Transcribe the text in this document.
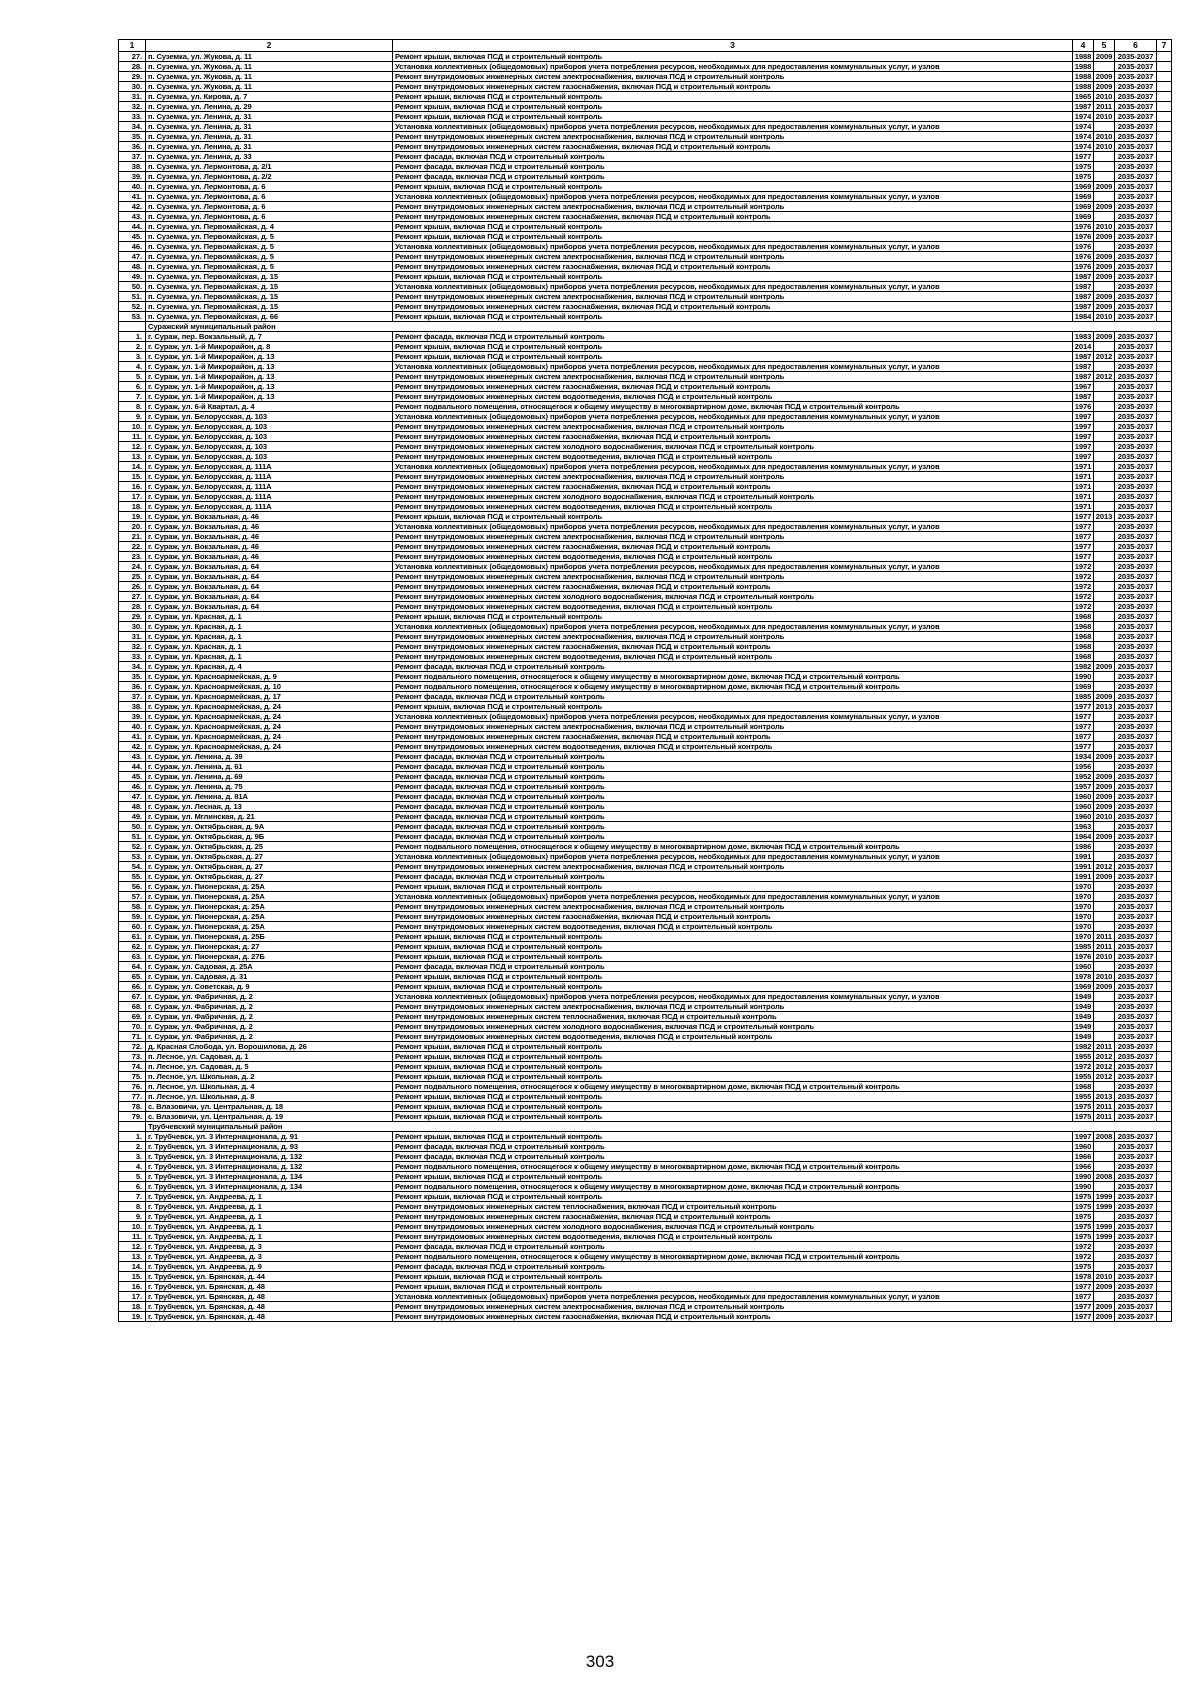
1	2	3	4	5	6	7
27.	п. Суземка, ул. Жукова, д. 11	Ремонт крыши, включая ПСД и строительный контроль	1988	2009	2035-2037	
28.	п. Суземка, ул. Жукова, д. 11	Установка коллективных (общедомовых) приборов учета потребления ресурсов, необходимых для предоставления коммунальных услуг, и узлов	1988		2035-2037	
29.	п. Суземка, ул. Жукова, д. 11	Ремонт внутридомовых инженерных систем электроснабжения, включая ПСД и строительный контроль	1988	2009	2035-2037	
30.	п. Суземка, ул. Жукова, д. 11	Ремонт внутридомовых инженерных систем газоснабжения, включая ПСД и строительный контроль	1988	2009	2035-2037	
31.	п. Суземка, ул. Кирова, д. 7	Ремонт крыши, включая ПСД и строительный контроль	1965	2010	2035-2037	
32.	п. Суземка, ул. Ленина, д. 29	Ремонт крыши, включая ПСД и строительный контроль	1987	2011	2035-2037	
33.	п. Суземка, ул. Ленина, д. 31	Ремонт крыши, включая ПСД и строительный контроль	1974	2010	2035-2037	
34.	п. Суземка, ул. Ленина, д. 31	Установка коллективных (общедомовых) приборов учета потребления ресурсов, необходимых для предоставления коммунальных услуг, и узлов	1974		2035-2037	
35.	п. Суземка, ул. Ленина, д. 31	Ремонт внутридомовых инженерных систем электроснабжения, включая ПСД и строительный контроль	1974	2010	2035-2037	
36.	п. Суземка, ул. Ленина, д. 31	Ремонт внутридомовых инженерных систем газоснабжения, включая ПСД и строительный контроль	1974	2010	2035-2037	
37.	п. Суземка, ул. Ленина, д. 33	Ремонт фасада, включая ПСД и строительный контроль	1977		2035-2037	
38.	п. Суземка, ул. Лермонтова, д. 2/1	Ремонт фасада, включая ПСД и строительный контроль	1975		2035-2037	
39.	п. Суземка, ул. Лермонтова, д. 2/2	Ремонт фасада, включая ПСД и строительный контроль	1975		2035-2037	
40.	п. Суземка, ул. Лермонтова, д. 6	Ремонт крыши, включая ПСД и строительный контроль	1969	2009	2035-2037	
41.	п. Суземка, ул. Лермонтова, д. 6	Установка коллективных (общедомовых) приборов учета потребления ресурсов, необходимых для предоставления коммунальных услуг, и узлов	1969		2035-2037	
42.	п. Суземка, ул. Лермонтова, д. 6	Ремонт внутридомовых инженерных систем электроснабжения, включая ПСД и строительный контроль	1969	2009	2035-2037	
43.	п. Суземка, ул. Лермонтова, д. 6	Ремонт внутридомовых инженерных систем газоснабжения, включая ПСД и строительный контроль	1969		2035-2037	
44.	п. Суземка, ул. Первомайская, д. 4	Ремонт крыши, включая ПСД и строительный контроль	1976	2010	2035-2037	
45.	п. Суземка, ул. Первомайская, д. 5	Ремонт крыши, включая ПСД и строительный контроль	1976	2009	2035-2037	
46.	п. Суземка, ул. Первомайская, д. 5	Установка коллективных (общедомовых) приборов учета потребления ресурсов, необходимых для предоставления коммунальных услуг, и узлов	1976		2035-2037	
47.	п. Суземка, ул. Первомайская, д. 5	Ремонт внутридомовых инженерных систем электроснабжения, включая ПСД и строительный контроль	1976	2009	2035-2037	
48.	п. Суземка, ул. Первомайская, д. 5	Ремонт внутридомовых инженерных систем газоснабжения, включая ПСД и строительный контроль	1976	2009	2035-2037	
49.	п. Суземка, ул. Первомайская, д. 15	Ремонт крыши, включая ПСД и строительный контроль	1987	2009	2035-2037	
50.	п. Суземка, ул. Первомайская, д. 15	Установка коллективных (общедомовых) приборов учета потребления ресурсов, необходимых для предоставления коммунальных услуг, и узлов	1987		2035-2037	
51.	п. Суземка, ул. Первомайская, д. 15	Ремонт внутридомовых инженерных систем электроснабжения, включая ПСД и строительный контроль	1987	2009	2035-2037	
52.	п. Суземка, ул. Первомайская, д. 15	Ремонт внутридомовых инженерных систем газоснабжения, включая ПСД и строительный контроль	1987	2009	2035-2037	
53.	п. Суземка, ул. Первомайская, д. 66	Ремонт крыши, включая ПСД и строительный контроль	1984	2010	2035-2037	
	Суражский муниципальный район					
1.	г. Сураж, пер. Вокзальный, д. 7	Ремонт фасада, включая ПСД и строительный контроль	1983	2009	2035-2037	
2.	г. Сураж, ул. 1-й Микрорайон, д. 8	Ремонт крыши, включая ПСД и строительный контроль	2014		2035-2037	
3.	г. Сураж, ул. 1-й Микрорайон, д. 13	Ремонт крыши, включая ПСД и строительный контроль	1987	2012	2035-2037	
4.	г. Сураж, ул. 1-й Микрорайон, д. 13	Установка коллективных (общедомовых) приборов учета потребления ресурсов, необходимых для предоставления коммунальных услуг, и узлов	1987		2035-2037	
5.	г. Сураж, ул. 1-й Микрорайон, д. 13	Ремонт внутридомовых инженерных систем электроснабжения, включая ПСД и строительный контроль	1987	2012	2035-2037	
6.	г. Сураж, ул. 1-й Микрорайон, д. 13	Ремонт внутридомовых инженерных систем газоснабжения, включая ПСД и строительный контроль	1967		2035-2037	
7.	г. Сураж, ул. 1-й Микрорайон, д. 13	Ремонт внутридомовых инженерных систем водоотведения, включая ПСД и строительный контроль	1987		2035-2037	
8.	г. Сураж, ул. 6-й Квартал, д. 4	Ремонт подвального помещения, относящегося к общему имуществу в многоквартирном доме, включая ПСД и строительный контроль	1976		2035-2037	
9.	г. Сураж, ул. Белорусская, д. 103	Установка коллективных (общедомовых) приборов учета потребления ресурсов, необходимых для предоставления коммунальных услуг, и узлов	1997		2035-2037	
10.	г. Сураж, ул. Белорусская, д. 103	Ремонт внутридомовых инженерных систем электроснабжения, включая ПСД и строительный контроль	1997		2035-2037	
11.	г. Сураж, ул. Белорусская, д. 103	Ремонт внутридомовых инженерных систем газоснабжения, включая ПСД и строительный контроль	1997		2035-2037	
12.	г. Сураж, ул. Белорусская, д. 103	Ремонт внутридомовых инженерных систем холодного водоснабжения, включая ПСД и строительный контроль	1997		2035-2037	
13.	г. Сураж, ул. Белорусская, д. 103	Ремонт внутридомовых инженерных систем водоотведения, включая ПСД и строительный контроль	1997		2035-2037	
14.	г. Сураж, ул. Белорусская, д. 111А	Установка коллективных (общедомовых) приборов учета потребления ресурсов, необходимых для предоставления коммунальных услуг, и узлов	1971		2035-2037	
15.	г. Сураж, ул. Белорусская, д. 111А	Ремонт внутридомовых инженерных систем электроснабжения, включая ПСД и строительный контроль	1971		2035-2037	
16.	г. Сураж, ул. Белорусская, д. 111А	Ремонт внутридомовых инженерных систем газоснабжения, включая ПСД и строительный контроль	1971		2035-2037	
17.	г. Сураж, ул. Белорусская, д. 111А	Ремонт внутридомовых инженерных систем холодного водоснабжения, включая ПСД и строительный контроль	1971		2035-2037	
18.	г. Сураж, ул. Белорусская, д. 111А	Ремонт внутридомовых инженерных систем водоотведения, включая ПСД и строительный контроль	1971		2035-2037	
19.	г. Сураж, ул. Вокзальная, д. 46	Ремонт крыши, включая ПСД и строительный контроль	1977	2013	2035-2037	
20.	г. Сураж, ул. Вокзальная, д. 46	Установка коллективных (общедомовых) приборов учета потребления ресурсов, необходимых для предоставления коммунальных услуг, и узлов	1977		2035-2037	
21.	г. Сураж, ул. Вокзальная, д. 46	Ремонт внутридомовых инженерных систем электроснабжения, включая ПСД и строительный контроль	1977		2035-2037	
22.	г. Сураж, ул. Вокзальная, д. 46	Ремонт внутридомовых инженерных систем газоснабжения, включая ПСД и строительный контроль	1977		2035-2037	
23.	г. Сураж, ул. Вокзальная, д. 46	Ремонт внутридомовых инженерных систем водоотведения, включая ПСД и строительный контроль	1977		2035-2037	
24.	г. Сураж, ул. Вокзальная, д. 64	Установка коллективных (общедомовых) приборов учета потребления ресурсов, необходимых для предоставления коммунальных услуг, и узлов	1972		2035-2037	
25.	г. Сураж, ул. Вокзальная, д. 64	Ремонт внутридомовых инженерных систем электроснабжения, включая ПСД и строительный контроль	1972		2035-2037	
26.	г. Сураж, ул. Вокзальная, д. 64	Ремонт внутридомовых инженерных систем газоснабжения, включая ПСД и строительный контроль	1972		2035-2037	
27.	г. Сураж, ул. Вокзальная, д. 64	Ремонт внутридомовых инженерных систем холодного водоснабжения, включая ПСД и строительный контроль	1972		2035-2037	
28.	г. Сураж, ул. Вокзальная, д. 64	Ремонт внутридомовых инженерных систем водоотведения, включая ПСД и строительный контроль	1972		2035-2037	
29.	г. Сураж, ул. Красная, д. 1	Ремонт крыши, включая ПСД и строительный контроль	1968		2035-2037	
30.	г. Сураж, ул. Красная, д. 1	Установка коллективных (общедомовых) приборов учета потребления ресурсов, необходимых для предоставления коммунальных услуг, и узлов	1968		2035-2037	
31.	г. Сураж, ул. Красная, д. 1	Ремонт внутридомовых инженерных систем электроснабжения, включая ПСД и строительный контроль	1968		2035-2037	
32.	г. Сураж, ул. Красная, д. 1	Ремонт внутридомовых инженерных систем газоснабжения, включая ПСД и строительный контроль	1968		2035-2037	
33.	г. Сураж, ул. Красная, д. 1	Ремонт внутридомовых инженерных систем водоотведения, включая ПСД и строительный контроль	1968		2035-2037	
34.	г. Сураж, ул. Красная, д. 4	Ремонт фасада, включая ПСД и строительный контроль	1982	2009	2035-2037	
35.	г. Сураж, ул. Красноармейская, д. 9	Ремонт подвального помещения, относящегося к общему имуществу в многоквартирном доме, включая ПСД и строительный контроль	1990		2035-2037	
36.	г. Сураж, ул. Красноармейская, д. 10	Ремонт подвального помещения, относящегося к общему имуществу в многоквартирном доме, включая ПСД и строительный контроль	1969		2035-2037	
37.	г. Сураж, ул. Красноармейская, д. 17	Ремонт фасада, включая ПСД и строительный контроль	1985	2009	2035-2037	
38.	г. Сураж, ул. Красноармейская, д. 24	Ремонт крыши, включая ПСД и строительный контроль	1977	2013	2035-2037	
39.	г. Сураж, ул. Красноармейская, д. 24	Установка коллективных (общедомовых) приборов учета потребления ресурсов, необходимых для предоставления коммунальных услуг, и узлов	1977		2035-2037	
40.	г. Сураж, ул. Красноармейская, д. 24	Ремонт внутридомовых инженерных систем электроснабжения, включая ПСД и строительный контроль	1977		2035-2037	
41.	г. Сураж, ул. Красноармейская, д. 24	Ремонт внутридомовых инженерных систем газоснабжения, включая ПСД и строительный контроль	1977		2035-2037	
42.	г. Сураж, ул. Красноармейская, д. 24	Ремонт внутридомовых инженерных систем водоотведения, включая ПСД и строительный контроль	1977		2035-2037	
43.	г. Сураж, ул. Ленина, д. 39	Ремонт фасада, включая ПСД и строительный контроль	1934	2009	2035-2037	
44.	г. Сураж, ул. Ленина, д. 61	Ремонт фасада, включая ПСД и строительный контроль	1956		2035-2037	
45.	г. Сураж, ул. Ленина, д. 69	Ремонт фасада, включая ПСД и строительный контроль	1952	2009	2035-2037	
46.	г. Сураж, ул. Ленина, д. 75	Ремонт фасада, включая ПСД и строительный контроль	1957	2009	2035-2037	
47.	г. Сураж, ул. Ленина, д. 81А	Ремонт фасада, включая ПСД и строительный контроль	1960	2009	2035-2037	
48.	г. Сураж, ул. Лесная, д. 13	Ремонт фасада, включая ПСД и строительный контроль	1960	2009	2035-2037	
49.	г. Сураж, ул. Мглинская, д. 21	Ремонт фасада, включая ПСД и строительный контроль	1960	2010	2035-2037	
50.	г. Сураж, ул. Октябрьская, д. 9А	Ремонт фасада, включая ПСД и строительный контроль	1963		2035-2037	
51.	г. Сураж, ул. Октябрьская, д. 9Б	Ремонт фасада, включая ПСД и строительный контроль	1964	2009	2035-2037	
52.	г. Сураж, ул. Октябрьская, д. 25	Ремонт подвального помещения, относящегося к общему имуществу в многоквартирном доме, включая ПСД и строительный контроль	1986		2035-2037	
53.	г. Сураж, ул. Октябрьская, д. 27	Установка коллективных (общедомовых) приборов учета потребления ресурсов, необходимых для предоставления коммунальных услуг, и узлов	1991		2035-2037	
54.	г. Сураж, ул. Октябрьская, д. 27	Ремонт внутридомовых инженерных систем электроснабжения, включая ПСД и строительный контроль	1991	2012	2035-2037	
55.	г. Сураж, ул. Октябрьская, д. 27	Ремонт фасада, включая ПСД и строительный контроль	1991	2009	2035-2037	
56.	г. Сураж, ул. Пионерская, д. 25А	Ремонт крыши, включая ПСД и строительный контроль	1970		2035-2037	
57.	г. Сураж, ул. Пионерская, д. 25А	Установка коллективных (общедомовых) приборов учета потребления ресурсов, необходимых для предоставления коммунальных услуг, и узлов	1970		2035-2037	
58.	г. Сураж, ул. Пионерская, д. 25А	Ремонт внутридомовых инженерных систем электроснабжения, включая ПСД и строительный контроль	1970		2035-2037	
59.	г. Сураж, ул. Пионерская, д. 25А	Ремонт внутридомовых инженерных систем газоснабжения, включая ПСД и строительный контроль	1970		2035-2037	
60.	г. Сураж, ул. Пионерская, д. 25А	Ремонт внутридомовых инженерных систем водоотведения, включая ПСД и строительный контроль	1970		2035-2037	
61.	г. Сураж, ул. Пионерская, д. 25Б	Ремонт крыши, включая ПСД и строительный контроль	1970	2011	2035-2037	
62.	г. Сураж, ул. Пионерская, д. 27	Ремонт крыши, включая ПСД и строительный контроль	1985	2011	2035-2037	
63.	г. Сураж, ул. Пионерская, д. 27Б	Ремонт крыши, включая ПСД и строительный контроль	1976	2010	2035-2037	
64.	г. Сураж, ул. Садовая, д. 25А	Ремонт фасада, включая ПСД и строительный контроль	1960		2035-2037	
65.	г. Сураж, ул. Садовая, д. 31	Ремонт крыши, включая ПСД и строительный контроль	1978	2010	2035-2037	
66.	г. Сураж, ул. Советская, д. 9	Ремонт крыши, включая ПСД и строительный контроль	1969	2009	2035-2037	
67.	г. Сураж, ул. Фабричная, д. 2	Установка коллективных (общедомовых) приборов учета потребления ресурсов, необходимых для предоставления коммунальных услуг, и узлов	1949		2035-2037	
68.	г. Сураж, ул. Фабричная, д. 2	Ремонт внутридомовых инженерных систем электроснабжения, включая ПСД и строительный контроль	1949		2035-2037	
69.	г. Сураж, ул. Фабричная, д. 2	Ремонт внутридомовых инженерных систем теплоснабжения, включая ПСД и строительный контроль	1949		2035-2037	
70.	г. Сураж, ул. Фабричная, д. 2	Ремонт внутридомовых инженерных систем холодного водоснабжения, включая ПСД и строительный контроль	1949		2035-2037	
71.	г. Сураж, ул. Фабричная, д. 2	Ремонт внутридомовых инженерных систем водоотведения, включая ПСД и строительный контроль	1949		2035-2037	
72.	д. Красная Слобода, ул. Ворошилова, д. 26	Ремонт крыши, включая ПСД и строительный контроль	1982	2011	2035-2037	
73.	п. Лесное, ул. Садовая, д. 1	Ремонт крыши, включая ПСД и строительный контроль	1955	2012	2035-2037	
74.	п. Лесное, ул. Садовая, д. 5	Ремонт крыши, включая ПСД и строительный контроль	1972	2012	2035-2037	
75.	п. Лесное, ул. Школьная, д. 2	Ремонт крыши, включая ПСД и строительный контроль	1955	2012	2035-2037	
76.	п. Лесное, ул. Школьная, д. 4	Ремонт подвального помещения, относящегося к общему имуществу в многоквартирном доме, включая ПСД и строительный контроль	1968		2035-2037	
77.	п. Лесное, ул. Школьная, д. 8	Ремонт крыши, включая ПСД и строительный контроль	1955	2013	2035-2037	
78.	с. Влазовичи, ул. Центральная, д. 18	Ремонт крыши, включая ПСД и строительный контроль	1975	2011	2035-2037	
79.	с. Влазовичи, ул. Центральная, д. 19	Ремонт крыши, включая ПСД и строительный контроль	1975	2011	2035-2037	
	Трубчевский муниципальный район					
1.	г. Трубчевск, ул. 3 Интернационала, д. 91	Ремонт крыши, включая ПСД и строительный контроль	1997	2008	2035-2037	
2.	г. Трубчевск, ул. 3 Интернационала, д. 93	Ремонт фасада, включая ПСД и строительный контроль	1960		2035-2037	
3.	г. Трубчевск, ул. 3 Интернационала, д. 132	Ремонт фасада, включая ПСД и строительный контроль	1966		2035-2037	
4.	г. Трубчевск, ул. 3 Интернационала, д. 132	Ремонт подвального помещения, относящегося к общему имуществу в многоквартирном доме, включая ПСД и строительный контроль	1966		2035-2037	
5.	г. Трубчевск, ул. 3 Интернационала, д. 134	Ремонт крыши, включая ПСД и строительный контроль	1990	2008	2035-2037	
6.	г. Трубчевск, ул. 3 Интернационала, д. 134	Ремонт подвального помещения, относящегося к общему имуществу в многоквартирном доме, включая ПСД и строительный контроль	1990		2035-2037	
7.	г. Трубчевск, ул. Андреева, д. 1	Ремонт крыши, включая ПСД и строительный контроль	1975	1999	2035-2037	
8.	г. Трубчевск, ул. Андреева, д. 1	Ремонт внутридомовых инженерных систем теплоснабжения, включая ПСД и строительный контроль	1975	1999	2035-2037	
9.	г. Трубчевск, ул. Андреева, д. 1	Ремонт внутридомовых инженерных систем газоснабжения, включая ПСД и строительный контроль	1975		2035-2037	
10.	г. Трубчевск, ул. Андреева, д. 1	Ремонт внутридомовых инженерных систем холодного водоснабжения, включая ПСД и строительный контроль	1975	1999	2035-2037	
11.	г. Трубчевск, ул. Андреева, д. 1	Ремонт внутридомовых инженерных систем водоотведения, включая ПСД и строительный контроль	1975	1999	2035-2037	
12.	г. Трубчевск, ул. Андреева, д. 3	Ремонт фасада, включая ПСД и строительный контроль	1972		2035-2037	
13.	г. Трубчевск, ул. Андреева, д. 3	Ремонт подвального помещения, относящегося к общему имуществу в многоквартирном доме, включая ПСД и строительный контроль	1972		2035-2037	
14.	г. Трубчевск, ул. Андреева, д. 9	Ремонт фасада, включая ПСД и строительный контроль	1975		2035-2037	
15.	г. Трубчевск, ул. Брянская, д. 44	Ремонт крыши, включая ПСД и строительный контроль	1978	2010	2035-2037	
16.	г. Трубчевск, ул. Брянская, д. 48	Ремонт крыши, включая ПСД и строительный контроль	1977	2009	2035-2037	
17.	г. Трубчевск, ул. Брянская, д. 48	Установка коллективных (общедомовых) приборов учета потребления ресурсов, необходимых для предоставления коммунальных услуг, и узлов	1977		2035-2037	
18.	г. Трубчевск, ул. Брянская, д. 48	Ремонт внутридомовых инженерных систем электроснабжения, включая ПСД и строительный контроль	1977	2009	2035-2037	
19.	г. Трубчевск, ул. Брянская, д. 48	Ремонт внутридомовых инженерных систем газоснабжения, включая ПСД и строительный контроль	1977	2009	2035-2037	
303
